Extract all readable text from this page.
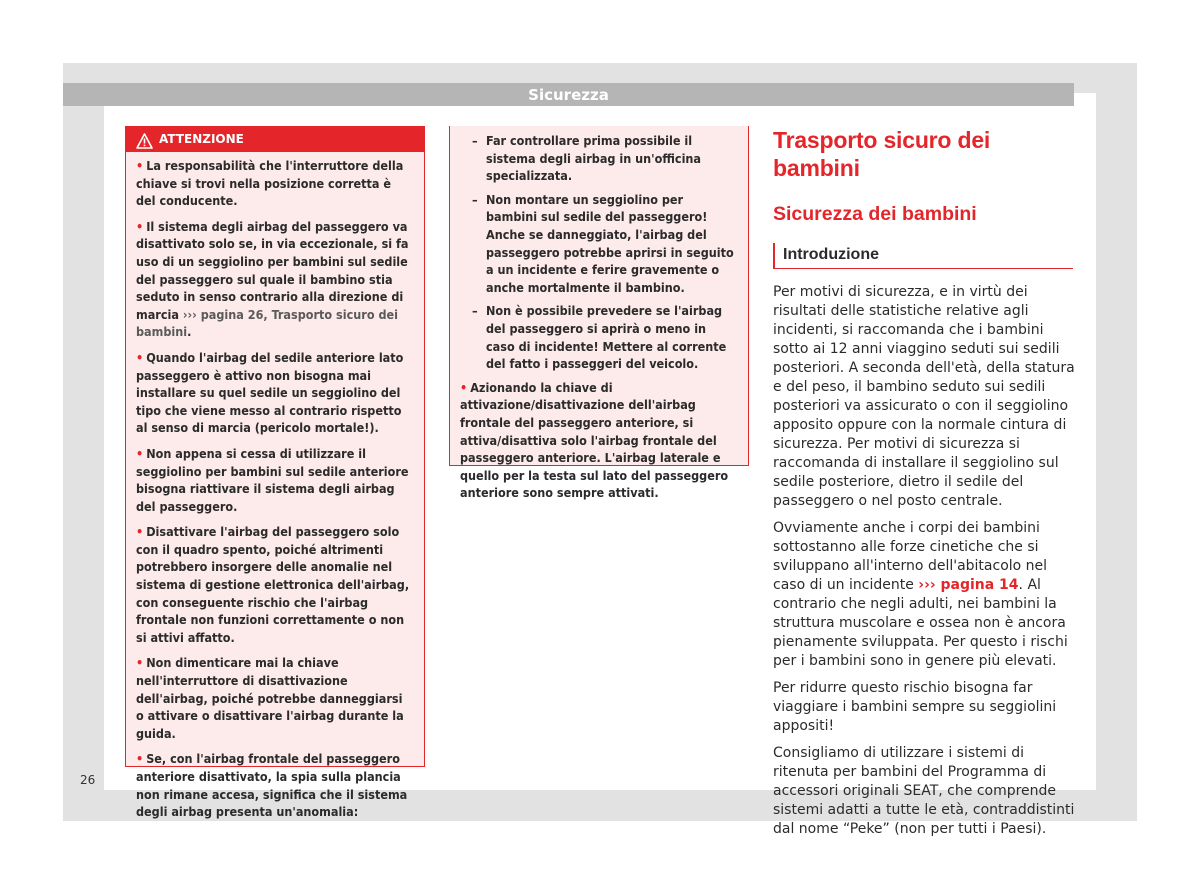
Sicurezza
ATTENZIONE

• La responsabilità che l'interruttore della chiave si trovi nella posizione corretta è del conducente.

• Il sistema degli airbag del passeggero va disattivato solo se, in via eccezionale, si fa uso di un seggiolino per bambini sul sedile del passeggero sul quale il bambino stia seduto in senso contrario alla direzione di marcia ››› pagina 26, Trasporto sicuro dei bambini.

• Quando l'airbag del sedile anteriore lato passeggero è attivo non bisogna mai installare su quel sedile un seggiolino del tipo che viene messo al contrario rispetto al senso di marcia (pericolo mortale!).

• Non appena si cessa di utilizzare il seggiolino per bambini sul sedile anteriore bisogna riattivare il sistema degli airbag del passeggero.

• Disattivare l'airbag del passeggero solo con il quadro spento, poiché altrimenti potrebbero insorgere delle anomalie nel sistema di gestione elettronica dell'airbag, con conseguente rischio che l'airbag frontale non funzioni correttamente o non si attivi affatto.

• Non dimenticare mai la chiave nell'interruttore di disattivazione dell'airbag, poiché potrebbe danneggiarsi o attivare o disattivare l'airbag durante la guida.

• Se, con l'airbag frontale del passeggero anteriore disattivato, la spia sulla plancia non rimane accesa, significa che il sistema degli airbag presenta un'anomalia:

– Far controllare prima possibile il sistema degli airbag in un'officina specializzata.
– Non montare un seggiolino per bambini sul sedile del passeggero! Anche se danneggiato, l'airbag del passeggero potrebbe aprirsi in seguito a un incidente e ferire gravemente o anche mortalmente il bambino.
– Non è possibile prevedere se l'airbag del passeggero si aprirà o meno in caso di incidente! Mettere al corrente del fatto i passeggeri del veicolo.

• Azionando la chiave di attivazione/disattivazione dell'airbag frontale del passeggero anteriore, si attiva/disattiva solo l'airbag frontale del passeggero anteriore. L'airbag laterale e quello per la testa sul lato del passeggero anteriore sono sempre attivati.

Trasporto sicuro dei bambini
Sicurezza dei bambini
Introduzione

Per motivi di sicurezza, e in virtù dei risultati delle statistiche relative agli incidenti, si raccomanda che i bambini sotto ai 12 anni viaggino seduti sui sedili posteriori. A seconda dell'età, della statura e del peso, il bambino seduto sui sedili posteriori va assicurato o con il seggiolino apposito oppure con la normale cintura di sicurezza. Per motivi di sicurezza si raccomanda di installare il seggiolino sul sedile posteriore, dietro il sedile del passeggero o nel posto centrale.

Ovviamente anche i corpi dei bambini sottostanno alle forze cinetiche che si sviluppano all'interno dell'abitacolo nel caso di un incidente ››› pagina 14. Al contrario che negli adulti, nei bambini la struttura muscolare e ossea non è ancora pienamente sviluppata. Per questo i rischi per i bambini sono in genere più elevati.

Per ridurre questo rischio bisogna far viaggiare i bambini sempre su seggiolini appositi!

Consigliamo di utilizzare i sistemi di ritenuta per bambini del Programma di accessori originali SEAT, che comprende sistemi adatti a tutte le età, contraddistinti dal nome “Peke” (non per tutti i Paesi).

26
